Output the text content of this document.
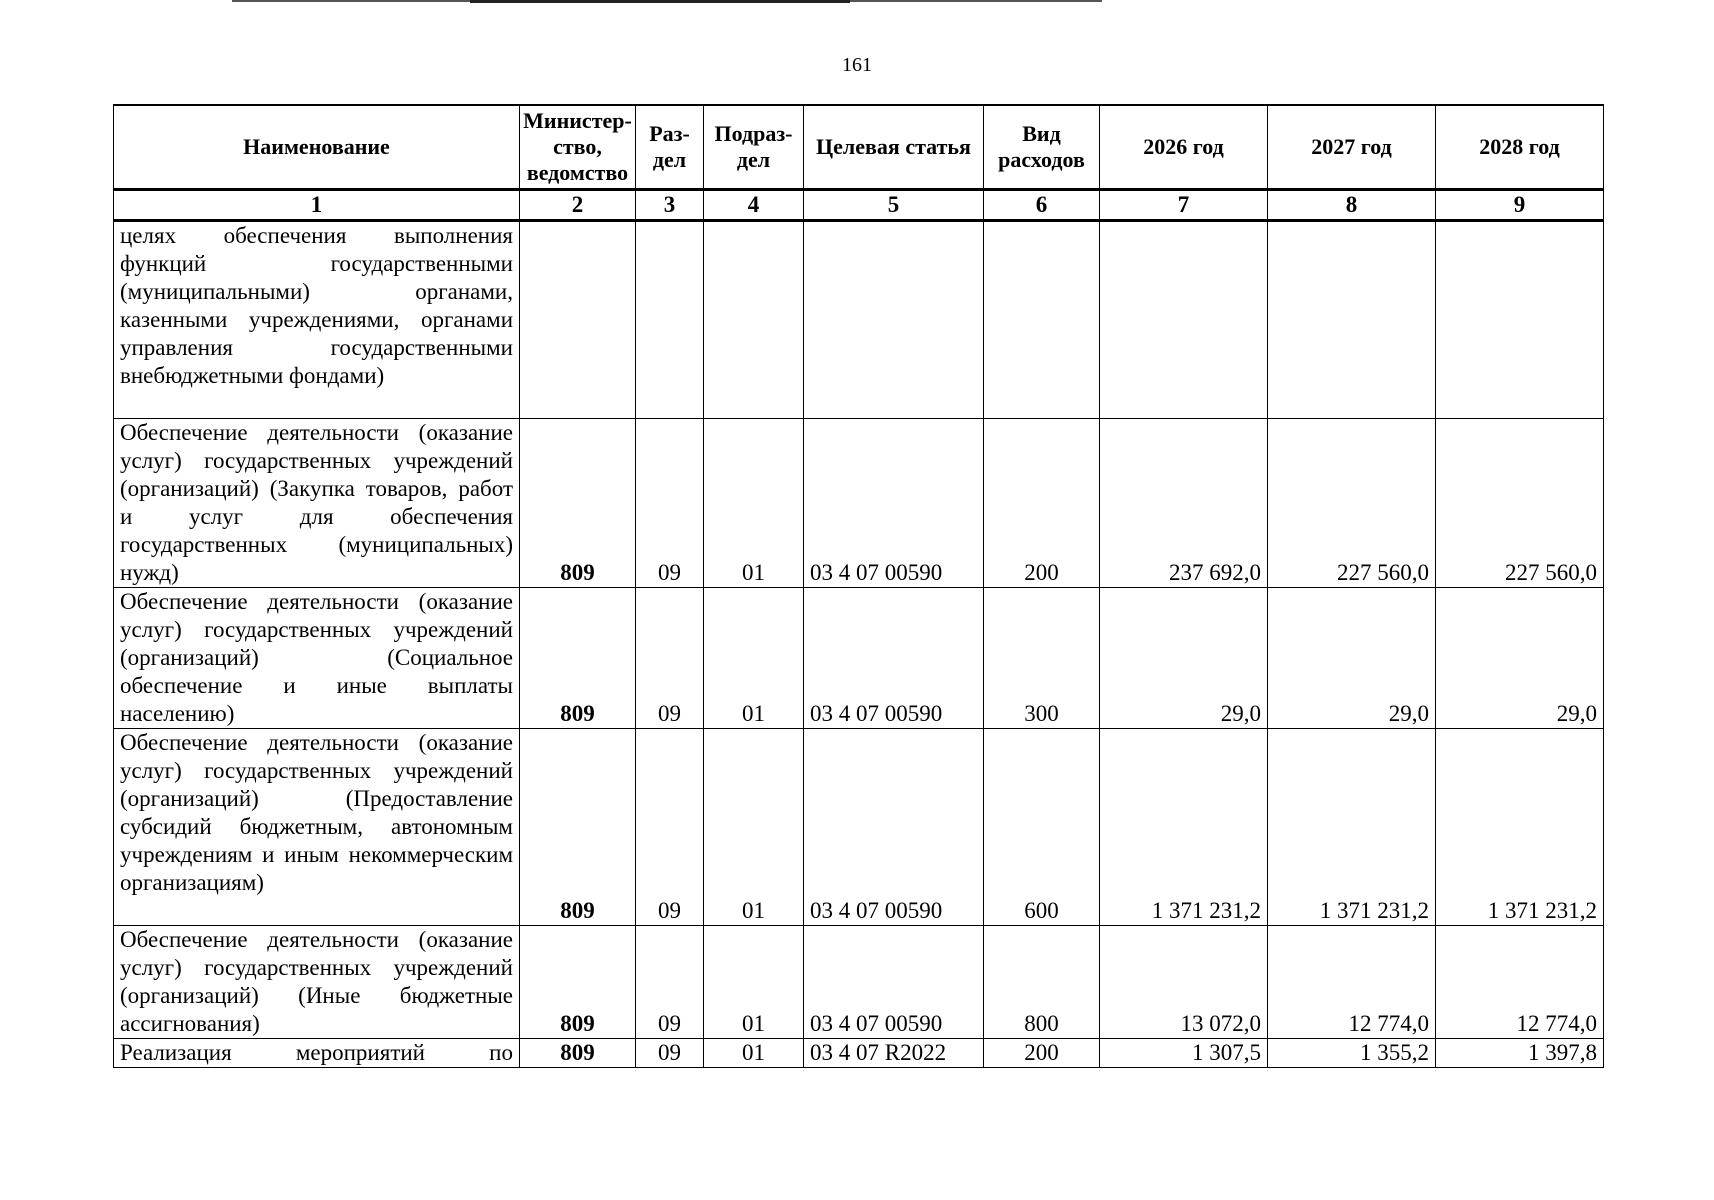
161
Наименование	Министер-ство, ведомство	Раз-дел	Подраз-дел	Целевая статья	Вид расходов	2026 год	2027 год	2028 год
1	2	3	4	5	6	7	8	9
целях обеспечения выполнения функций государственными (муниципальными) органами, казенными учреждениями, органами управления государственными внебюджетными фондами)								
Обеспечение деятельности (оказание услуг) государственных учреждений (организаций) (Закупка товаров, работ и услуг для обеспечения государственных (муниципальных) нужд)	809	09	01	03 4 07 00590	200	237 692,0	227 560,0	227 560,0
Обеспечение деятельности (оказание услуг) государственных учреждений (организаций) (Социальное обеспечение и иные выплаты населению)	809	09	01	03 4 07 00590	300	29,0	29,0	29,0
Обеспечение деятельности (оказание услуг) государственных учреждений (организаций) (Предоставление субсидий бюджетным, автономным учреждениям и иным некоммерческим организациям)	809	09	01	03 4 07 00590	600	1 371 231,2	1 371 231,2	1 371 231,2
Обеспечение деятельности (оказание услуг) государственных учреждений (организаций) (Иные бюджетные ассигнования)	809	09	01	03 4 07 00590	800	13 072,0	12 774,0	12 774,0
Реализация мероприятий по	809	09	01	03 4 07 R2022	200	1 307,5	1 355,2	1 397,8
